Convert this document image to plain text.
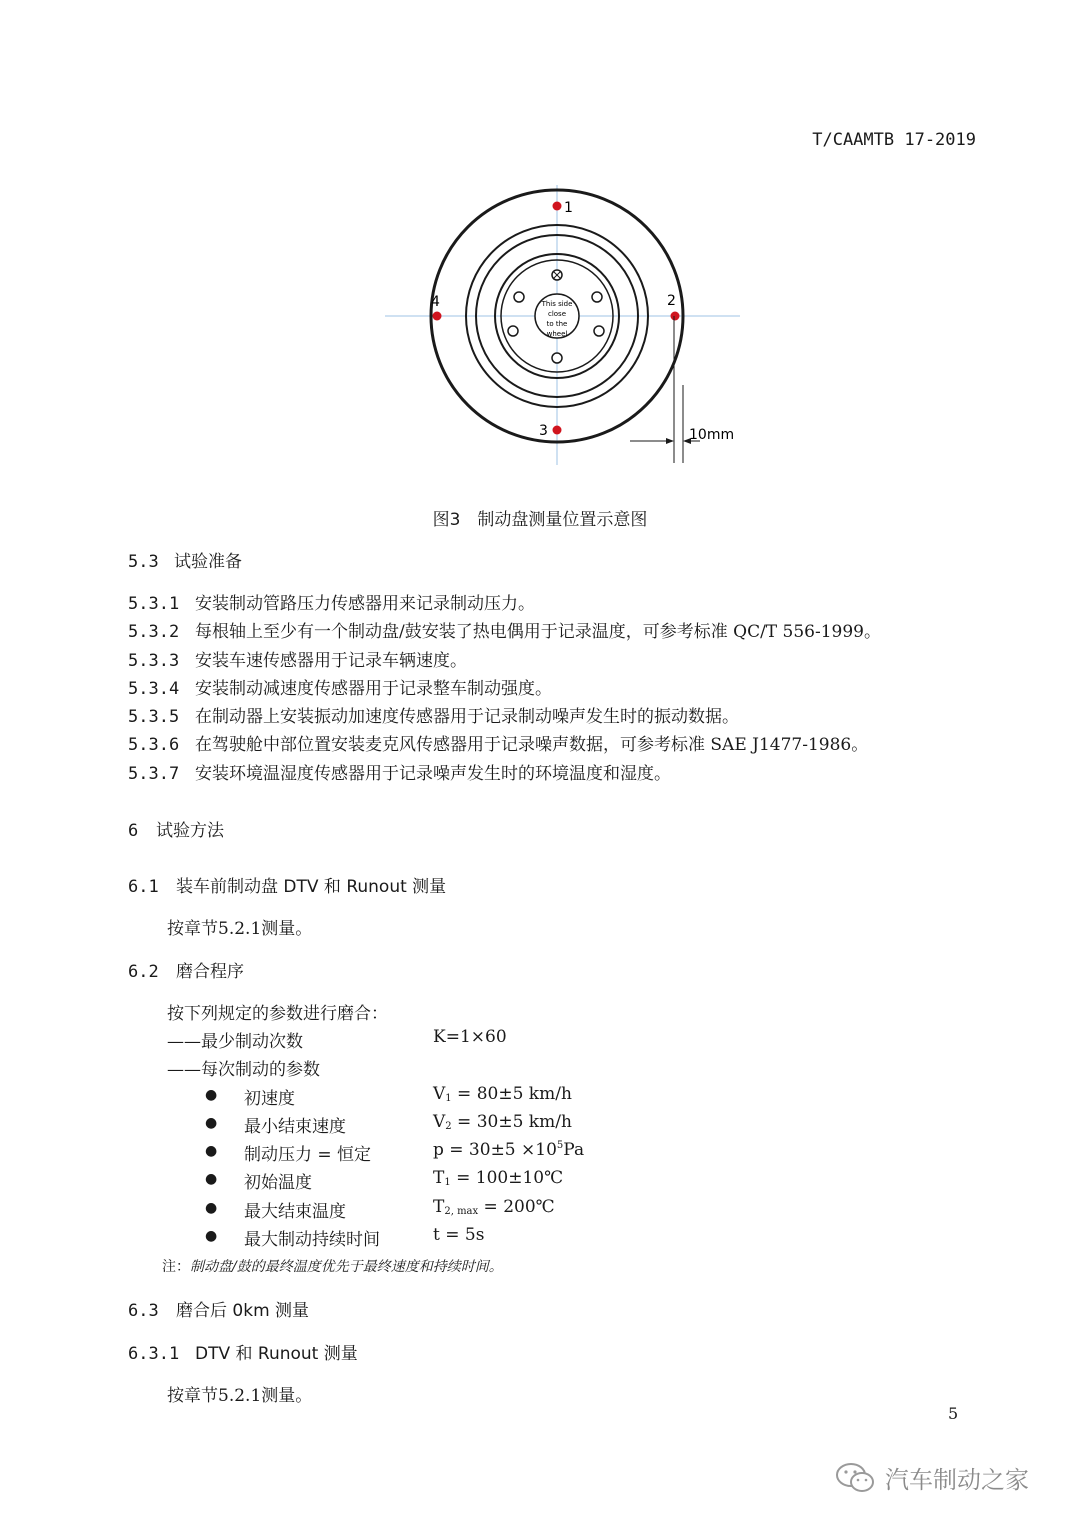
T/CAAMTB 17-2019
This side
close
to the
wheel
1
2
3
4
10mm
图3　制动盘测量位置示意图
5.3 试验准备
5.3.1 安装制动管路压力传感器用来记录制动压力。
5.3.2 每根轴上至少有一个制动盘/鼓安装了热电偶用于记录温度，可参考标准 QC/T 556-1999。
5.3.3 安装车速传感器用于记录车辆速度。
5.3.4 安装制动减速度传感器用于记录整车制动强度。
5.3.5 在制动器上安装振动加速度传感器用于记录制动噪声发生时的振动数据。
5.3.6 在驾驶舱中部位置安装麦克风传感器用于记录噪声数据，可参考标准 SAE J1477-1986。
5.3.7 安装环境温湿度传感器用于记录噪声发生时的环境温度和湿度。
6 试验方法
6.1 装车前制动盘 DTV 和 Runout 测量
按章节5.2.1测量。
6.2 磨合程序
按下列规定的参数进行磨合：
——最少制动次数	K=1×60
——每次制动的参数
● 初速度	$V_1 = 80\pm 5$ km/h
● 最小结束速度	$V_2 = 30\pm 5$ km/h
● 制动压力 = 恒定	$p = 30\pm 5 \times 10^5Pa$
● 初始温度	$T_1$ = 100±10℃
● 最大结束温度	$T_{2, max}$ = 200℃
● 最大制动持续时间	t = 5s
注：制动盘/鼓的最终温度优先于最终速度和持续时间。
6.3 磨合后 0km 测量
6.3.1 DTV 和 Runout 测量
按章节5.2.1测量。
5
汽车制动之家
